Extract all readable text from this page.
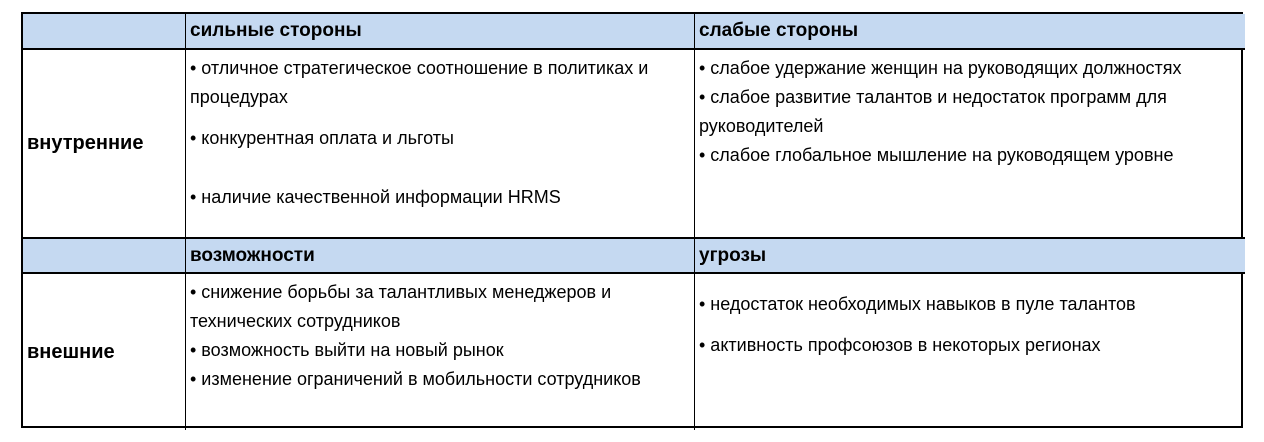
сильные стороны	слабые стороны
внутренние

• отличное стратегическое соотношение в политиках и процедурах

• конкурентная оплата и льготы

• наличие качественной информации HRMS

• слабое удержание женщин на руководящих должностях

• слабое развитие талантов и недостаток программ для руководителей

• слабое глобальное мышление на руководящем уровне

возможности	угрозы
внешние

• снижение борьбы за талантливых менеджеров и технических сотрудников

• возможность выйти на новый рынок

• изменение ограничений в мобильности сотрудников

• недостаток необходимых навыков в пуле талантов

• активность профсоюзов в некоторых регионах
